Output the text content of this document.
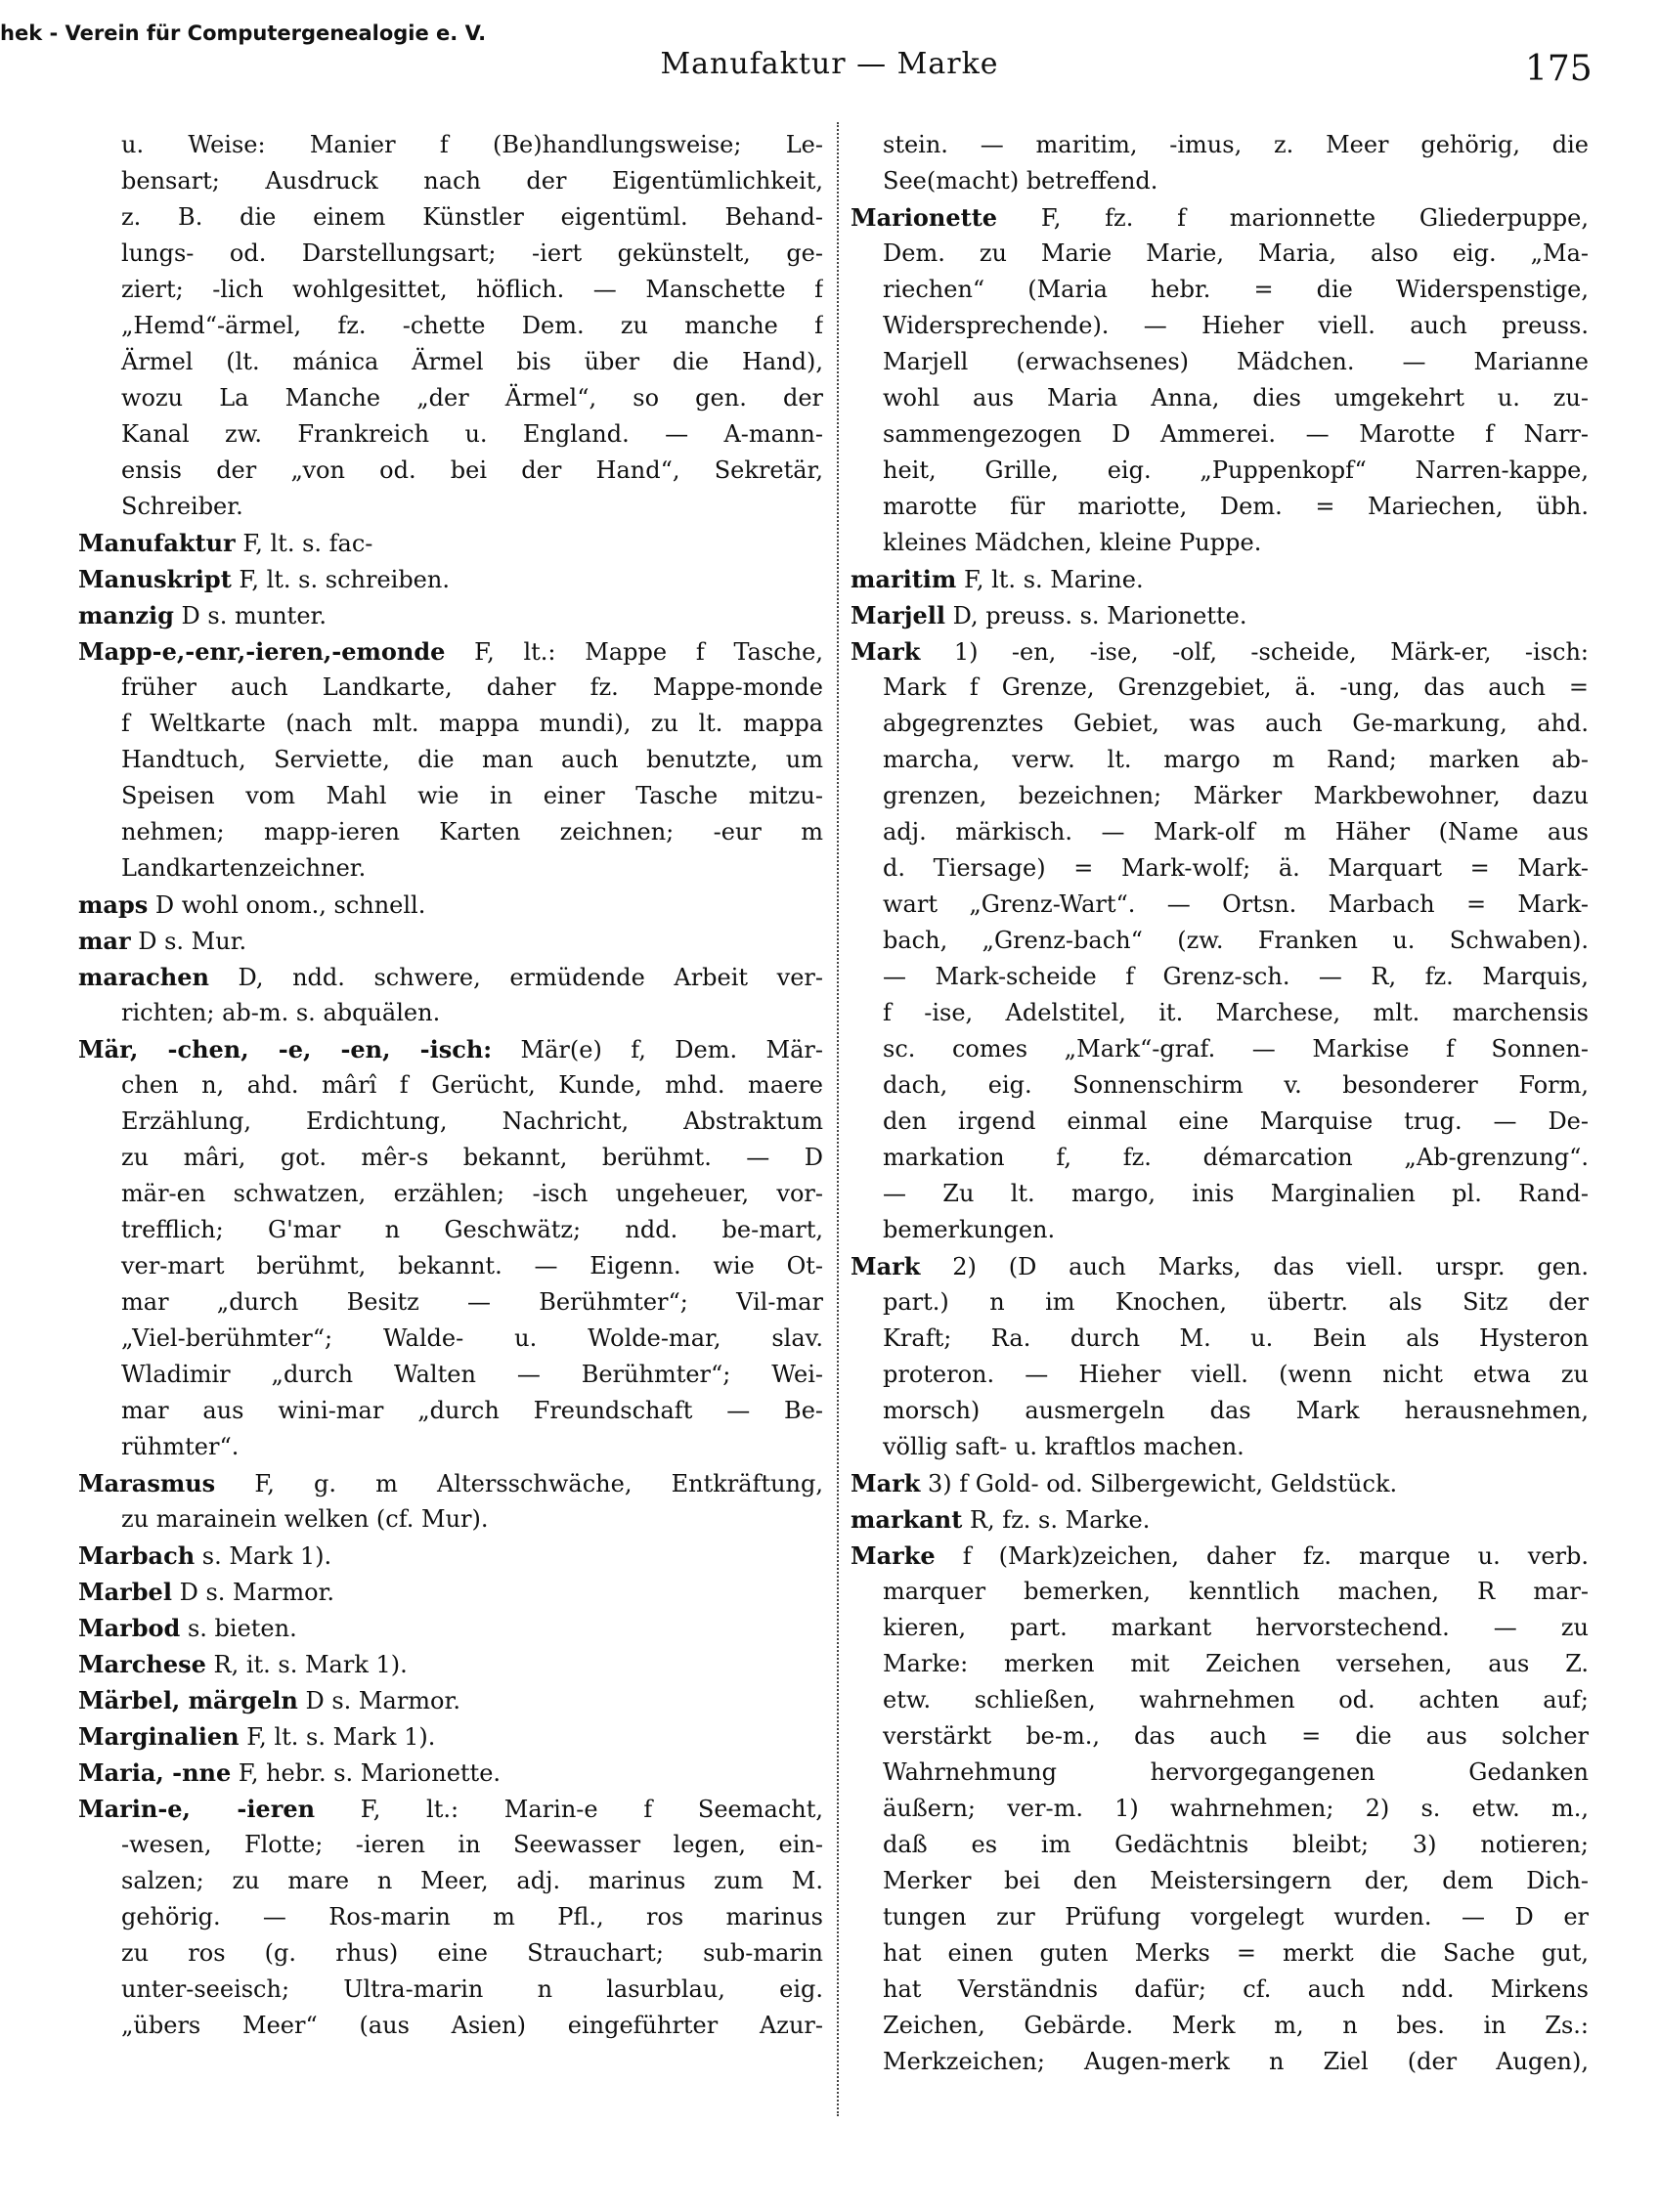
hek - Verein für Computergenealogie e. V.
Manufaktur — Marke	175
u. Weise: Manier f (Be)handlungsweise; Le-
bensart; Ausdruck nach der Eigentümlichkeit,
z. B. die einem Künstler eigentüml. Behand-
lungs- od. Darstellungsart; -iert gekünstelt, ge-
ziert; -lich wohlgesittet, höflich. — Manschette f
„Hemd“-ärmel, fz. -chette Dem. zu manche f
Ärmel (lt. mánica Ärmel bis über die Hand),
wozu La Manche „der Ärmel“, so gen. der
Kanal zw. Frankreich u. England. — A-mann-
ensis der „von od. bei der Hand“, Sekretär,
Schreiber.
Manufaktur F, lt. s. fac-
Manuskript F, lt. s. schreiben.
manzig D s. munter.
Mapp-e,-enr,-ieren,-emonde F, lt.: Mappe f Tasche,
früher auch Landkarte, daher fz. Mappe-monde
f Weltkarte (nach mlt. mappa mundi), zu lt. mappa
Handtuch, Serviette, die man auch benutzte, um
Speisen vom Mahl wie in einer Tasche mitzu-
nehmen; mapp-ieren Karten zeichnen; -eur m
Landkartenzeichner.
maps D wohl onom., schnell.
mar D s. Mur.
marachen D, ndd. schwere, ermüdende Arbeit ver-
richten; ab-m. s. abquälen.
Mär, -chen, -e, -en, -isch: Mär(e) f, Dem. Mär-
chen n, ahd. mârî f Gerücht, Kunde, mhd. maere
Erzählung, Erdichtung, Nachricht, Abstraktum
zu mâri, got. mêr-s bekannt, berühmt. — D
mär-en schwatzen, erzählen; -isch ungeheuer, vor-
trefflich; G'mar n Geschwätz; ndd. be-mart,
ver-mart berühmt, bekannt. — Eigenn. wie Ot-
mar „durch Besitz — Berühmter“; Vil-mar
„Viel-berühmter“; Walde- u. Wolde-mar, slav.
Wladimir „durch Walten — Berühmter“; Wei-
mar aus wini-mar „durch Freundschaft — Be-
rühmter“.
Marasmus F, g. m Altersschwäche, Entkräftung,
zu marainein welken (cf. Mur).
Marbach s. Mark 1).
Marbel D s. Marmor.
Marbod s. bieten.
Marchese R, it. s. Mark 1).
Märbel, märgeln D s. Marmor.
Marginalien F, lt. s. Mark 1).
Maria, -nne F, hebr. s. Marionette.
Marin-e, -ieren F, lt.: Marin-e f Seemacht,
-wesen, Flotte; -ieren in Seewasser legen, ein-
salzen; zu mare n Meer, adj. marinus zum M.
gehörig. — Ros-marin m Pfl., ros marinus
zu ros (g. rhus) eine Strauchart; sub-marin
unter-seeisch; Ultra-marin n lasurblau, eig.
„übers Meer“ (aus Asien) eingeführter Azur-
stein. — maritim, -imus, z. Meer gehörig, die
See(macht) betreffend.
Marionette F, fz. f marionnette Gliederpuppe,
Dem. zu Marie Marie, Maria, also eig. „Ma-
riechen“ (Maria hebr. = die Widerspenstige,
Widersprechende). — Hieher viell. auch preuss.
Marjell (erwachsenes) Mädchen. — Marianne
wohl aus Maria Anna, dies umgekehrt u. zu-
sammengezogen D Ammerei. — Marotte f Narr-
heit, Grille, eig. „Puppenkopf“ Narren-kappe,
marotte für mariotte, Dem. = Mariechen, übh.
kleines Mädchen, kleine Puppe.
maritim F, lt. s. Marine.
Marjell D, preuss. s. Marionette.
Mark 1) -en, -ise, -olf, -scheide, Märk-er, -isch:
Mark f Grenze, Grenzgebiet, ä. -ung, das auch =
abgegrenztes Gebiet, was auch Ge-markung, ahd.
marcha, verw. lt. margo m Rand; marken ab-
grenzen, bezeichnen; Märker Markbewohner, dazu
adj. märkisch. — Mark-olf m Häher (Name aus
d. Tiersage) = Mark-wolf; ä. Marquart = Mark-
wart „Grenz-Wart“. — Ortsn. Marbach = Mark-
bach, „Grenz-bach“ (zw. Franken u. Schwaben).
— Mark-scheide f Grenz-sch. — R, fz. Marquis,
f -ise, Adelstitel, it. Marchese, mlt. marchensis
sc. comes „Mark“-graf. — Markise f Sonnen-
dach, eig. Sonnenschirm v. besonderer Form,
den irgend einmal eine Marquise trug. — De-
markation f, fz. démarcation „Ab-grenzung“.
— Zu lt. margo, inis Marginalien pl. Rand-
bemerkungen.
Mark 2) (D auch Marks, das viell. urspr. gen.
part.) n im Knochen, übertr. als Sitz der
Kraft; Ra. durch M. u. Bein als Hysteron
proteron. — Hieher viell. (wenn nicht etwa zu
morsch) ausmergeln das Mark herausnehmen,
völlig saft- u. kraftlos machen.
Mark 3) f Gold- od. Silbergewicht, Geldstück.
markant R, fz. s. Marke.
Marke f (Mark)zeichen, daher fz. marque u. verb.
marquer bemerken, kenntlich machen, R mar-
kieren, part. markant hervorstechend. — zu
Marke: merken mit Zeichen versehen, aus Z.
etw. schließen, wahrnehmen od. achten auf;
verstärkt be-m., das auch = die aus solcher
Wahrnehmung hervorgegangenen Gedanken
äußern; ver-m. 1) wahrnehmen; 2) s. etw. m.,
daß es im Gedächtnis bleibt; 3) notieren;
Merker bei den Meistersingern der, dem Dich-
tungen zur Prüfung vorgelegt wurden. — D er
hat einen guten Merks = merkt die Sache gut,
hat Verständnis dafür; cf. auch ndd. Mirkens
Zeichen, Gebärde. Merk m, n bes. in Zs.:
Merkzeichen; Augen-merk n Ziel (der Augen),
